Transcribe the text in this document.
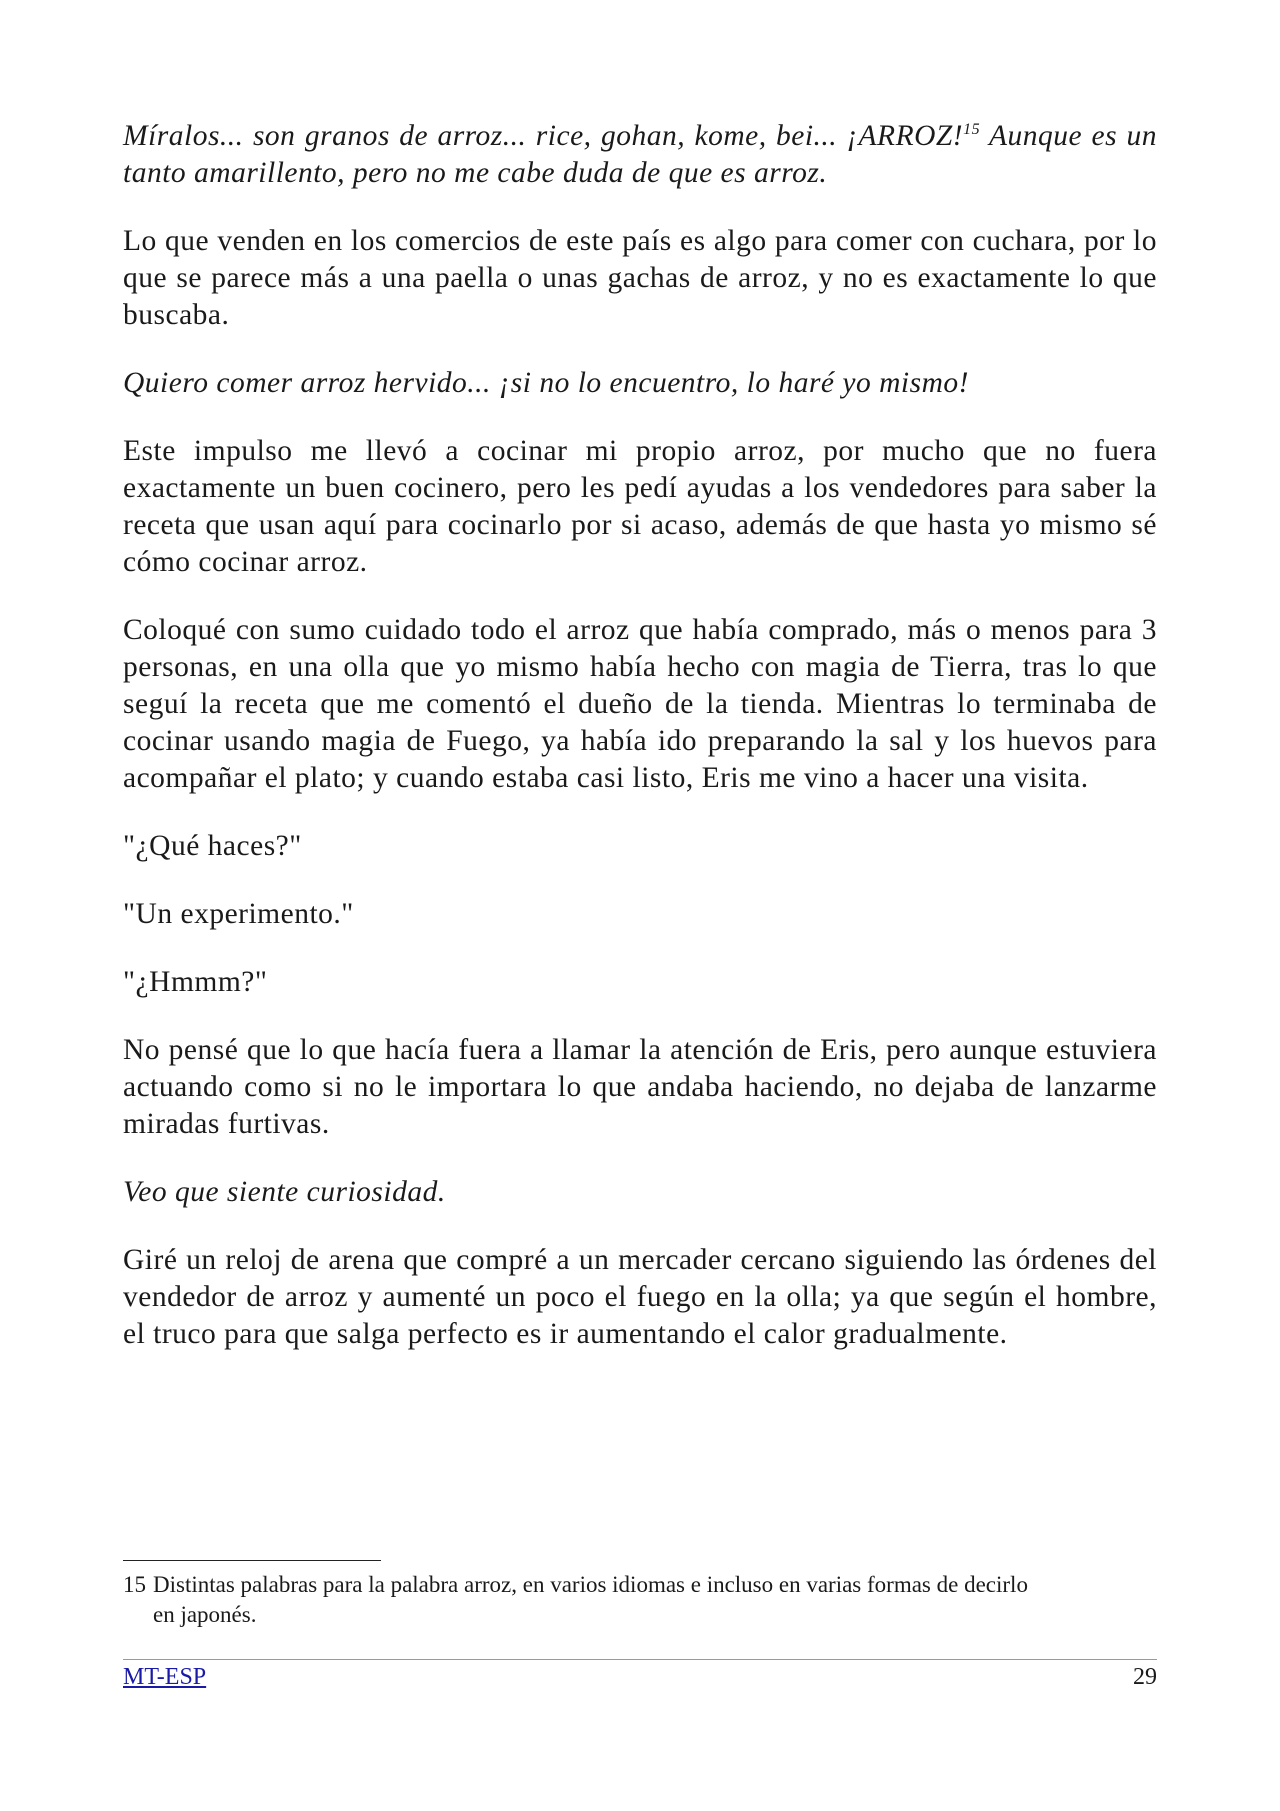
Míralos... son granos de arroz... rice, gohan, kome, bei... ¡ARROZ!$^{15}$ Aunque es un tanto amarillento, pero no me cabe duda de que es arroz.

Lo que venden en los comercios de este país es algo para comer con cuchara, por lo que se parece más a una paella o unas gachas de arroz, y no es exactamente lo que buscaba.

Quiero comer arroz hervido... ¡si no lo encuentro, lo haré yo mismo!

Este impulso me llevó a cocinar mi propio arroz, por mucho que no fuera exactamente un buen cocinero, pero les pedí ayudas a los vendedores para saber la receta que usan aquí para cocinarlo por si acaso, además de que hasta yo mismo sé cómo cocinar arroz.

Coloqué con sumo cuidado todo el arroz que había comprado, más o menos para 3 personas, en una olla que yo mismo había hecho con magia de Tierra, tras lo que seguí la receta que me comentó el dueño de la tienda. Mientras lo terminaba de cocinar usando magia de Fuego, ya había ido preparando la sal y los huevos para acompañar el plato; y cuando estaba casi listo, Eris me vino a hacer una visita.

"¿Qué haces?"

"Un experimento."

"¿Hmmm?"

No pensé que lo que hacía fuera a llamar la atención de Eris, pero aunque estuviera actuando como si no le importara lo que andaba haciendo, no dejaba de lanzarme miradas furtivas.

Veo que siente curiosidad.

Giré un reloj de arena que compré a un mercader cercano siguiendo las órdenes del vendedor de arroz y aumenté un poco el fuego en la olla; ya que según el hombre, el truco para que salga perfecto es ir aumentando el calor gradualmente.

15 Distintas palabras para la palabra arroz, en varios idiomas e incluso en varias formas de decirlo
en japonés.
MT-ESP	29
